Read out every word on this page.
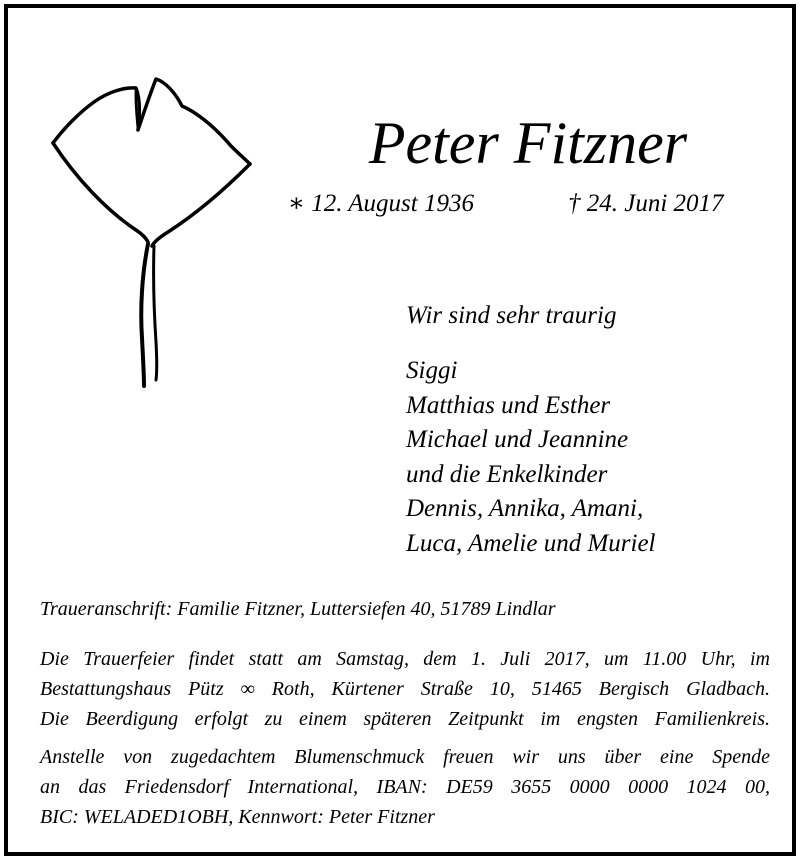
Peter Fitzner
∗ 12. August 1936	† 24. Juni 2017
Wir sind sehr traurig
Siggi
Matthias und Esther
Michael und Jeannine
und die Enkelkinder
Dennis, Annika, Amani,
Luca, Amelie und Muriel
Traueranschrift: Familie Fitzner, Luttersiefen 40, 51789 Lindlar
Die Trauerfeier findet statt am Samstag, dem 1. Juli 2017, um 11.00 Uhr, im
Bestattungshaus Pütz ∞ Roth, Kürtener Straße 10, 51465 Bergisch Gladbach.
Die Beerdigung erfolgt zu einem späteren Zeitpunkt im engsten Familienkreis.
Anstelle von zugedachtem Blumenschmuck freuen wir uns über eine Spende
an das Friedensdorf International, IBAN: DE59 3655 0000 0000 1024 00,
BIC: WELADED1OBH, Kennwort: Peter Fitzner
